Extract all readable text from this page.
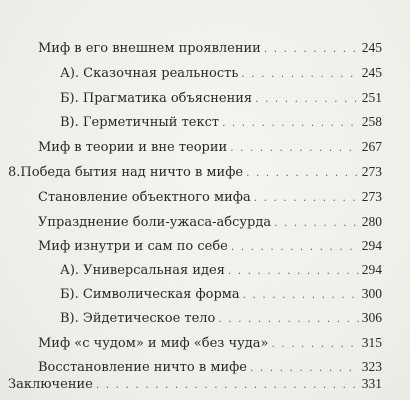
Миф в его внешнем проявлении . . .	245
А). Сказочная реальность . . .	245
Б). Прагматика объяснения . . .	251
В). Герметичный текст . . .	258
Миф в теории и вне теории . . .	267
8. Победа бытия над ничто в мифе . . .	273
Становление объектного мифа . . .	273
Упразднение боли-ужаса-абсурда . . .	280
Миф изнутри и сам по себе . . .	294
А). Универсальная идея . . .	294
Б). Символическая форма . . .	300
В). Эйдетическое тело . . .	306
Миф «с чудом» и миф «без чуда» . . .	315
Восстановление ничто в мифе . . .	323
Заключение . . .	331
